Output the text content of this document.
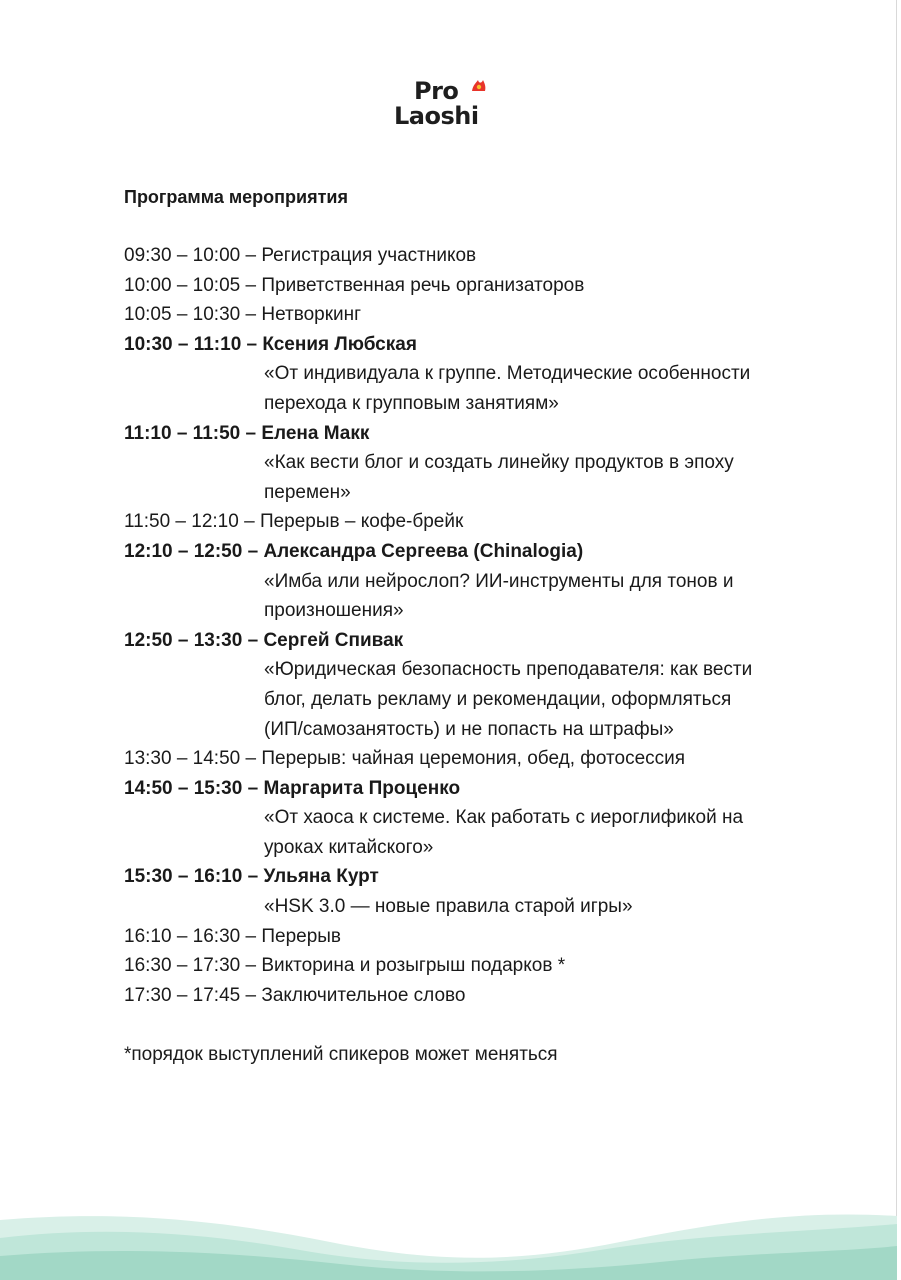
Pro
Laoshi
Программа мероприятия
09:30 – 10:00 – Регистрация участников
10:00 – 10:05 – Приветственная речь организаторов
10:05 – 10:30 – Нетворкинг
10:30 – 11:10 – Ксения Любская
«От индивидуала к группе. Методические особенности
перехода к групповым занятиям»
11:10 – 11:50 – Елена Макк
«Как вести блог и создать линейку продуктов в эпоху
перемен»
11:50 – 12:10 – Перерыв – кофе-брейк
12:10 – 12:50 – Александра Сергеева (Chinalogia)
«Имба или нейрослоп? ИИ-инструменты для тонов и
произношения»
12:50 – 13:30 – Сергей Спивак
«Юридическая безопасность преподавателя: как вести
блог, делать рекламу и рекомендации, оформляться
(ИП/самозанятость) и не попасть на штрафы»
13:30 – 14:50 – Перерыв: чайная церемония, обед, фотосессия
14:50 – 15:30 – Маргарита Проценко
«От хаоса к системе. Как работать с иероглификой на
уроках китайского»
15:30 – 16:10 – Ульяна Курт
«HSK 3.0 — новые правила старой игры»
16:10 – 16:30 – Перерыв
16:30 – 17:30 – Викторина и розыгрыш подарков *
17:30 – 17:45 – Заключительное слово
*порядок выступлений спикеров может меняться
